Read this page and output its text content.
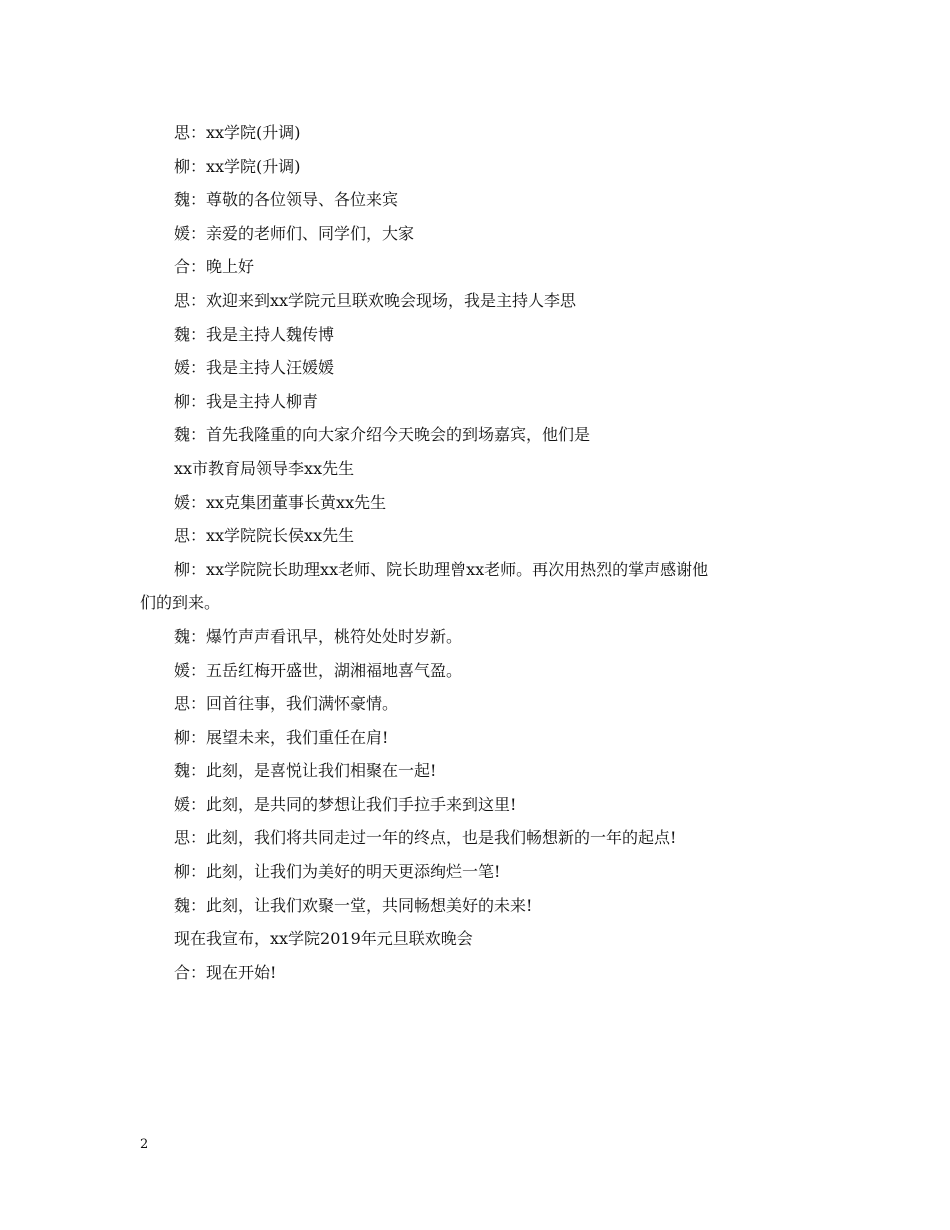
思：xx学院(升调)
柳：xx学院(升调)
魏：尊敬的各位领导、各位来宾
媛：亲爱的老师们、同学们，大家
合：晚上好
思：欢迎来到xx学院元旦联欢晚会现场，我是主持人李思
魏：我是主持人魏传博
媛：我是主持人汪媛媛
柳：我是主持人柳青
魏：首先我隆重的向大家介绍今天晚会的到场嘉宾，他们是
xx市教育局领导李xx先生
媛：xx克集团董事长黄xx先生
思：xx学院院长侯xx先生
柳：xx学院院长助理xx老师、院长助理曾xx老师。再次用热烈的掌声感谢他
们的到来。
魏：爆竹声声看讯早，桃符处处时岁新。
媛：五岳红梅开盛世，湖湘福地喜气盈。
思：回首往事，我们满怀豪情。
柳：展望未来，我们重任在肩!
魏：此刻，是喜悦让我们相聚在一起!
媛：此刻，是共同的梦想让我们手拉手来到这里!
思：此刻，我们将共同走过一年的终点，也是我们畅想新的一年的起点!
柳：此刻，让我们为美好的明天更添绚烂一笔!
魏：此刻，让我们欢聚一堂，共同畅想美好的未来!
现在我宣布，xx学院2019年元旦联欢晚会
合：现在开始!
2
